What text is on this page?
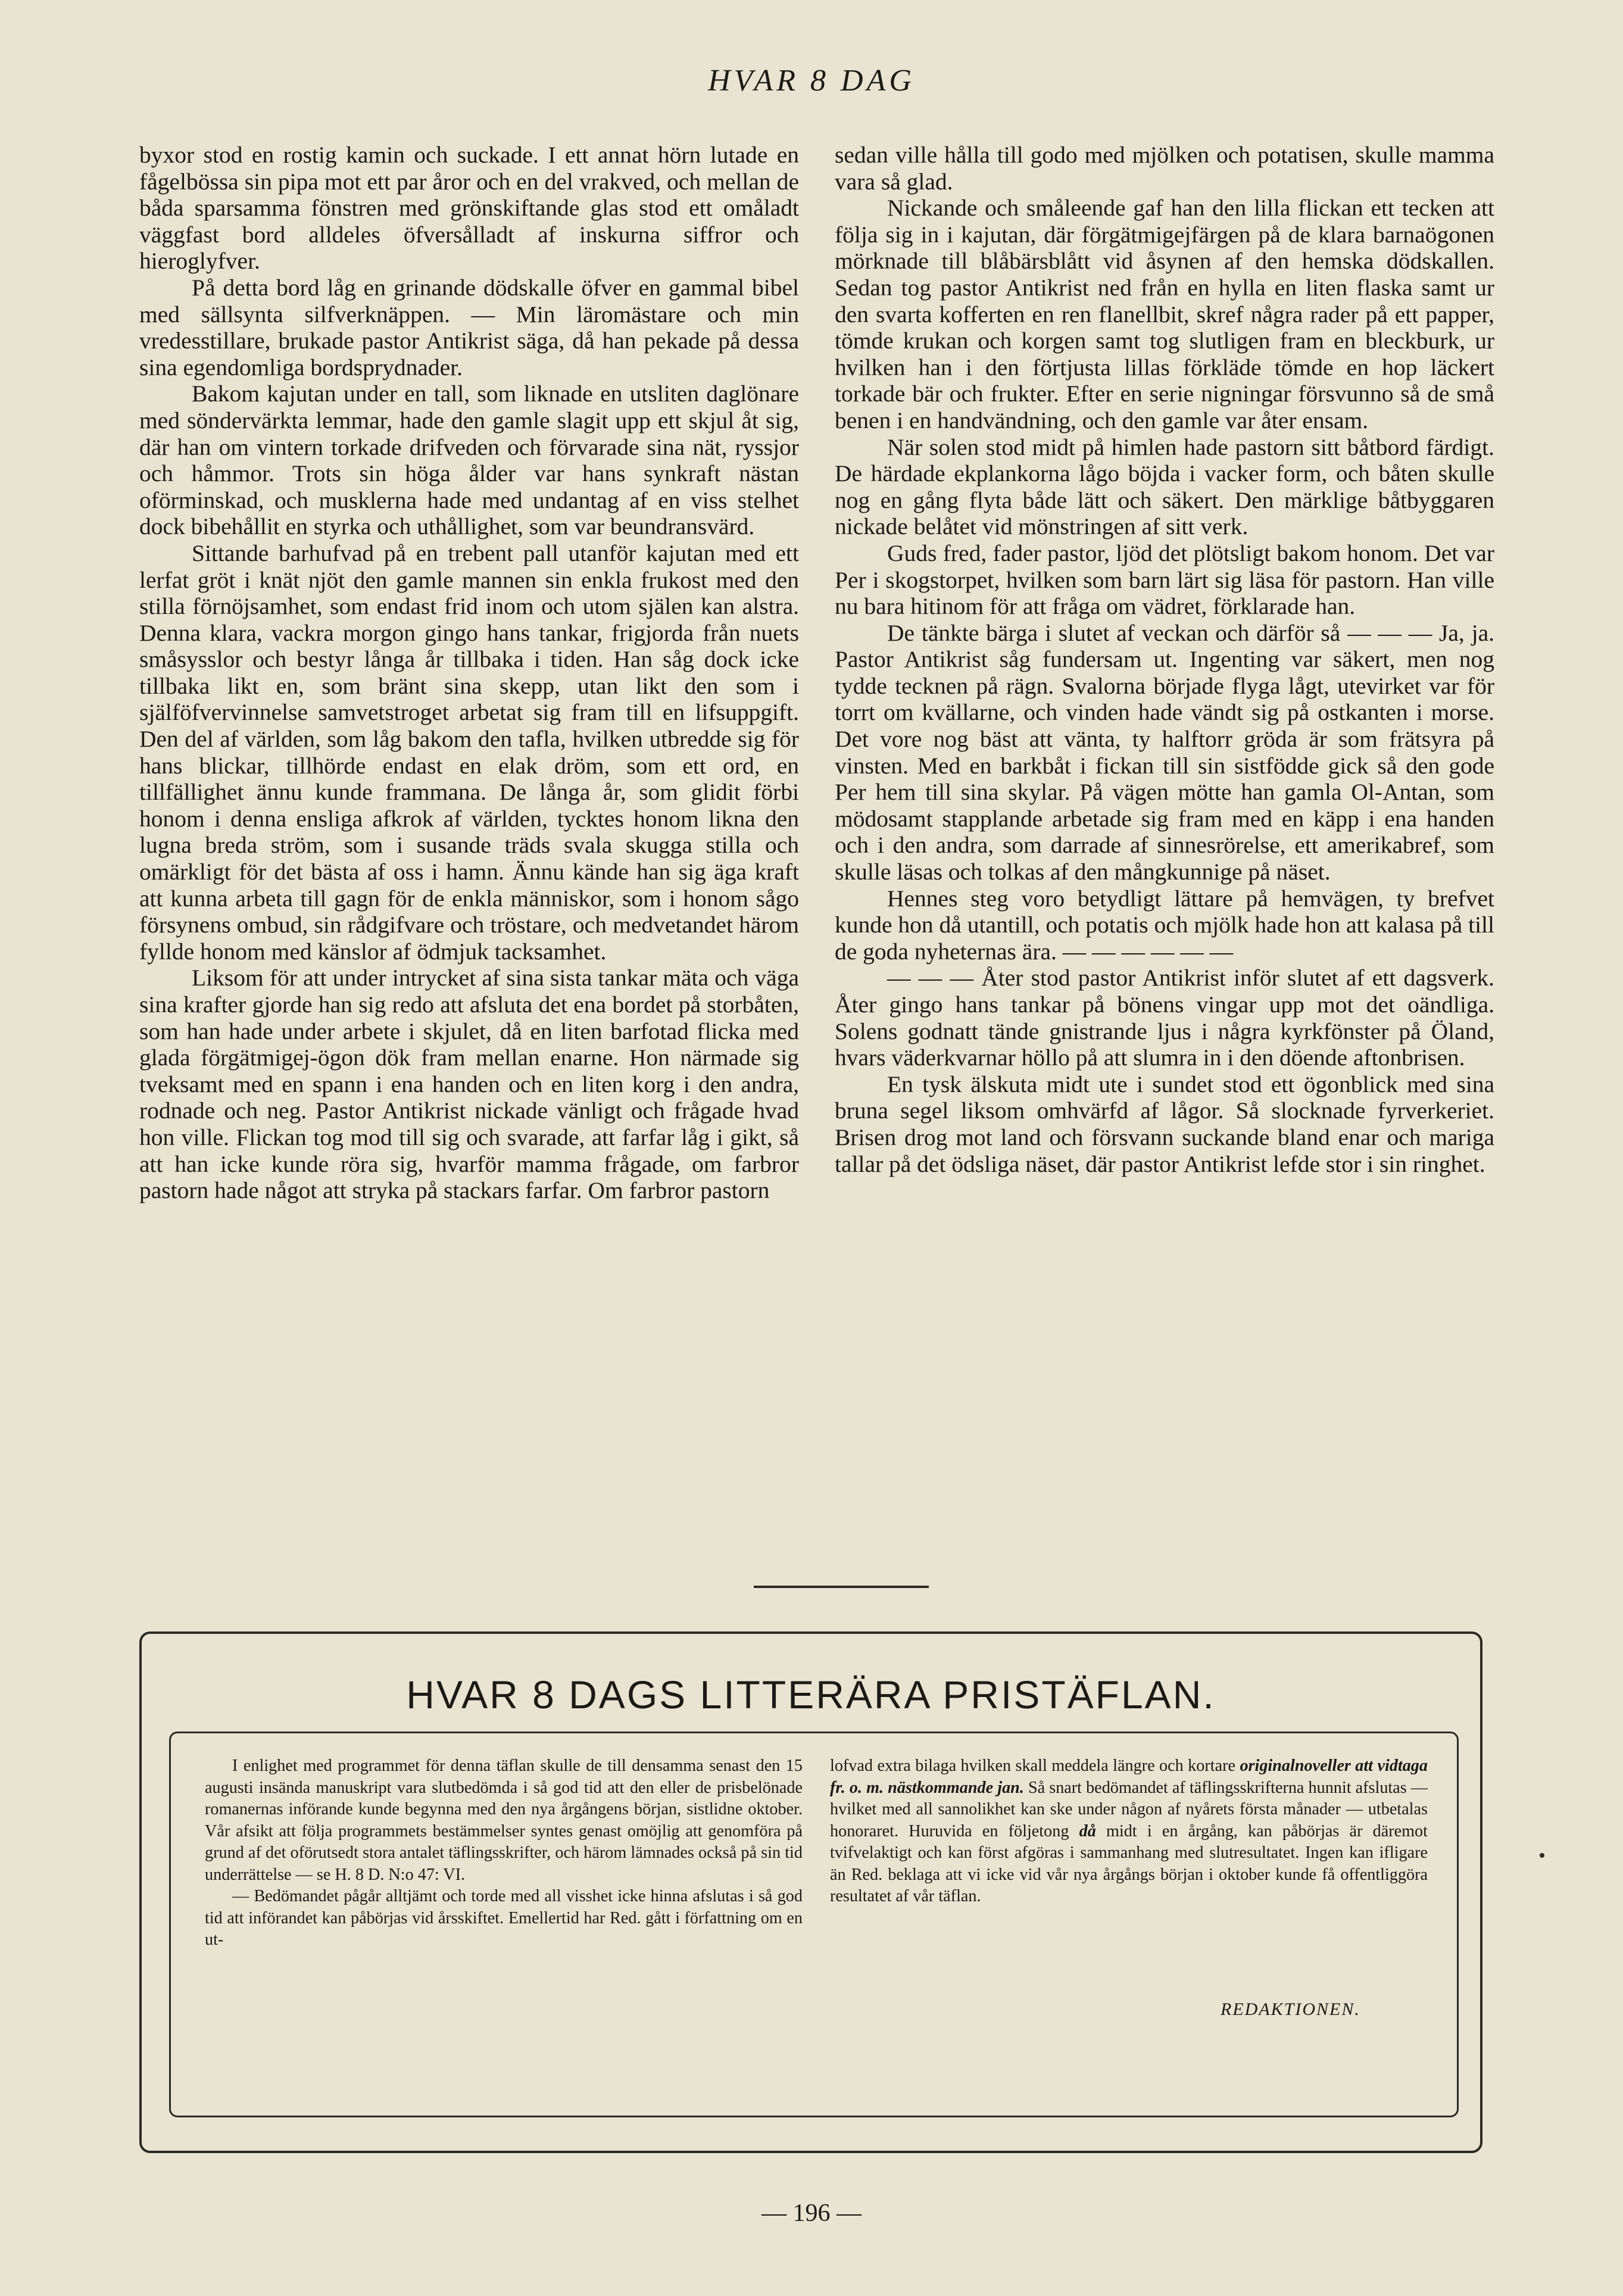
HVAR 8 DAG

byxor stod en rostig kamin och suckade. I ett annat hörn lutade en fågelbössa sin pipa mot ett par åror och en del vrakved, och mellan de båda sparsamma fönstren med grönskiftande glas stod ett omåladt väggfast bord alldeles öfversålladt af inskurna siffror och hieroglyfver.

På detta bord låg en grinande dödskalle öfver en gammal bibel med sällsynta silfverknäppen. — Min läromästare och min vredesstillare, brukade pastor Antikrist säga, då han pekade på dessa sina egendomliga bordsprydnader.

Bakom kajutan under en tall, som liknade en utsliten daglönare med söndervärkta lemmar, hade den gamle slagit upp ett skjul åt sig, där han om vintern torkade drifveden och förvarade sina nät, ryssjor och håmmor. Trots sin höga ålder var hans synkraft nästan oförminskad, och musklerna hade med undantag af en viss stelhet dock bibehållit en styrka och uthållighet, som var beundransvärd.

Sittande barhufvad på en trebent pall utanför kajutan med ett lerfat gröt i knät njöt den gamle mannen sin enkla frukost med den stilla förnöjsamhet, som endast frid inom och utom själen kan alstra. Denna klara, vackra morgon gingo hans tankar, frigjorda från nuets småsysslor och bestyr långa år tillbaka i tiden. Han såg dock icke tillbaka likt en, som bränt sina skepp, utan likt den som i själföfvervinnelse samvetstroget arbetat sig fram till en lifsuppgift. Den del af världen, som låg bakom den tafla, hvilken utbredde sig för hans blickar, tillhörde endast en elak dröm, som ett ord, en tillfällighet ännu kunde frammana. De långa år, som glidit förbi honom i denna ensliga afkrok af världen, tycktes honom likna den lugna breda ström, som i susande träds svala skugga stilla och omärkligt för det bästa af oss i hamn. Ännu kände han sig äga kraft att kunna arbeta till gagn för de enkla människor, som i honom sågo försynens ombud, sin rådgifvare och tröstare, och medvetandet härom fyllde honom med känslor af ödmjuk tacksamhet.

Liksom för att under intrycket af sina sista tankar mäta och väga sina krafter gjorde han sig redo att afsluta det ena bordet på storbåten, som han hade under arbete i skjulet, då en liten barfotad flicka med glada förgätmigej-ögon dök fram mellan enarne. Hon närmade sig tveksamt med en spann i ena handen och en liten korg i den andra, rodnade och neg. Pastor Antikrist nickade vänligt och frågade hvad hon ville. Flickan tog mod till sig och svarade, att farfar låg i gikt, så att han icke kunde röra sig, hvarför mamma frågade, om farbror pastorn hade något att stryka på stackars farfar. Om farbror pastorn

sedan ville hålla till godo med mjölken och potatisen, skulle mamma vara så glad.

Nickande och småleende gaf han den lilla flickan ett tecken att följa sig in i kajutan, där förgätmigejfärgen på de klara barnaögonen mörknade till blåbärsblått vid åsynen af den hemska dödskallen. Sedan tog pastor Antikrist ned från en hylla en liten flaska samt ur den svarta kofferten en ren flanellbit, skref några rader på ett papper, tömde krukan och korgen samt tog slutligen fram en bleckburk, ur hvilken han i den förtjusta lillas förkläde tömde en hop läckert torkade bär och frukter. Efter en serie nigningar försvunno så de små benen i en handvändning, och den gamle var åter ensam.

När solen stod midt på himlen hade pastorn sitt båtbord färdigt. De härdade ekplankorna lågo böjda i vacker form, och båten skulle nog en gång flyta både lätt och säkert. Den märklige båtbyggaren nickade belåtet vid mönstringen af sitt verk.

Guds fred, fader pastor, ljöd det plötsligt bakom honom. Det var Per i skogstorpet, hvilken som barn lärt sig läsa för pastorn. Han ville nu bara hitinom för att fråga om vädret, förklarade han.

De tänkte bärga i slutet af veckan och därför så — — — Ja, ja. Pastor Antikrist såg fundersam ut. Ingenting var säkert, men nog tydde tecknen på rägn. Svalorna började flyga lågt, utevirket var för torrt om kvällarne, och vinden hade vändt sig på ostkanten i morse. Det vore nog bäst att vänta, ty halftorr gröda är som frätsyra på vinsten. Med en barkbåt i fickan till sin sistfödde gick så den gode Per hem till sina skylar. På vägen mötte han gamla Ol-Antan, som mödosamt stapplande arbetade sig fram med en käpp i ena handen och i den andra, som darrade af sinnesrörelse, ett amerikabref, som skulle läsas och tolkas af den mångkunnige på näset.

Hennes steg voro betydligt lättare på hemvägen, ty brefvet kunde hon då utantill, och potatis och mjölk hade hon att kalasa på till de goda nyheternas ära. — — — — — —

— — — Åter stod pastor Antikrist inför slutet af ett dagsverk. Åter gingo hans tankar på bönens vingar upp mot det oändliga. Solens godnatt tände gnistrande ljus i några kyrkfönster på Öland, hvars väderkvarnar höllo på att slumra in i den döende aftonbrisen.

En tysk älskuta midt ute i sundet stod ett ögonblick med sina bruna segel liksom omhvärfd af lågor. Så slocknade fyrverkeriet. Brisen drog mot land och försvann suckande bland enar och mariga tallar på det ödsliga näset, där pastor Antikrist lefde stor i sin ringhet.

HVAR 8 DAGS LITTERÄRA PRISTÄFLAN.

I enlighet med programmet för denna täflan skulle de till densamma senast den 15 augusti insända manuskript vara slutbedömda i så god tid att den eller de prisbelönade romanernas införande kunde begynna med den nya årgångens början, sistlidne oktober. Vår afsikt att följa programmets bestämmelser syntes genast omöjlig att genomföra på grund af det oförutsedt stora antalet täflingsskrifter, och härom lämnades också på sin tid underrättelse — se H. 8 D. N:o 47: VI.

— Bedömandet pågår alltjämt och torde med all visshet icke hinna afslutas i så god tid att införandet kan påbörjas vid årsskiftet. Emellertid har Red. gått i författning om en ut-

lofvad extra bilaga hvilken skall meddela längre och kortare originalnoveller att vidtaga fr. o. m. nästkommande jan. Så snart bedömandet af täflingsskrifterna hunnit afslutas — hvilket med all sannolikhet kan ske under någon af nyårets första månader — utbetalas honoraret. Huruvida en följetong då midt i en årgång, kan påbörjas är däremot tvifvelaktigt och kan först afgöras i sammanhang med slutresultatet. Ingen kan ifligare än Red. beklaga att vi icke vid vår nya årgångs början i oktober kunde få offentliggöra resultatet af vår täflan.

REDAKTIONEN.
— 196 —
